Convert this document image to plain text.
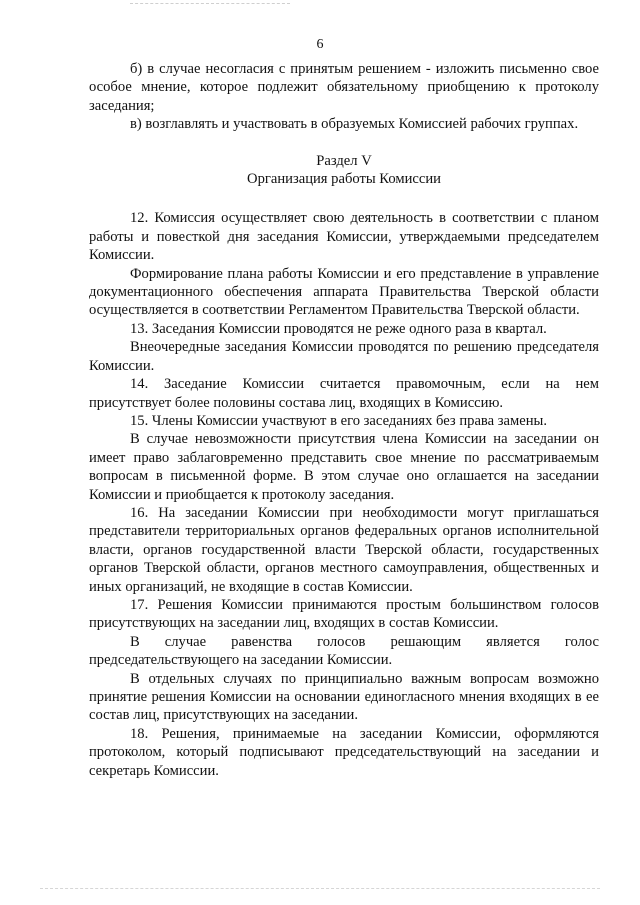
6

б) в случае несогласия с принятым решением - изложить письменно свое особое мнение, которое подлежит обязательному приобщению к протоколу заседания;

в) возглавлять и участвовать в образуемых Комиссией рабочих группах.

Раздел V

Организация работы Комиссии

12. Комиссия осуществляет свою деятельность в соответствии с планом работы и повесткой дня заседания Комиссии, утверждаемыми председателем Комиссии.

Формирование плана работы Комиссии и его представление в управление документационного обеспечения аппарата Правительства Тверской области осуществляется в соответствии Регламентом Правительства Тверской области.

13. Заседания Комиссии проводятся не реже одного раза в квартал.

Внеочередные заседания Комиссии проводятся по решению председателя Комиссии.

14. Заседание Комиссии считается правомочным, если на нем присутствует более половины состава лиц, входящих в Комиссию.

15. Члены Комиссии участвуют в его заседаниях без права замены.

В случае невозможности присутствия члена Комиссии на заседании он имеет право заблаговременно представить свое мнение по рассматриваемым вопросам в письменной форме. В этом случае оно оглашается на заседании Комиссии и приобщается к протоколу заседания.

16. На заседании Комиссии при необходимости могут приглашаться представители территориальных органов федеральных органов исполнительной власти, органов государственной власти Тверской области, государственных органов Тверской области, органов местного самоуправления, общественных и иных организаций, не входящие в состав Комиссии.

17. Решения Комиссии принимаются простым большинством голосов присутствующих на заседании лиц, входящих в состав Комиссии.

В случае равенства голосов решающим является голос председательствующего на заседании Комиссии.

В отдельных случаях по принципиально важным вопросам возможно принятие решения Комиссии на основании единогласного мнения входящих в ее состав лиц, присутствующих на заседании.

18. Решения, принимаемые на заседании Комиссии, оформляются протоколом, который подписывают председательствующий на заседании и секретарь Комиссии.
